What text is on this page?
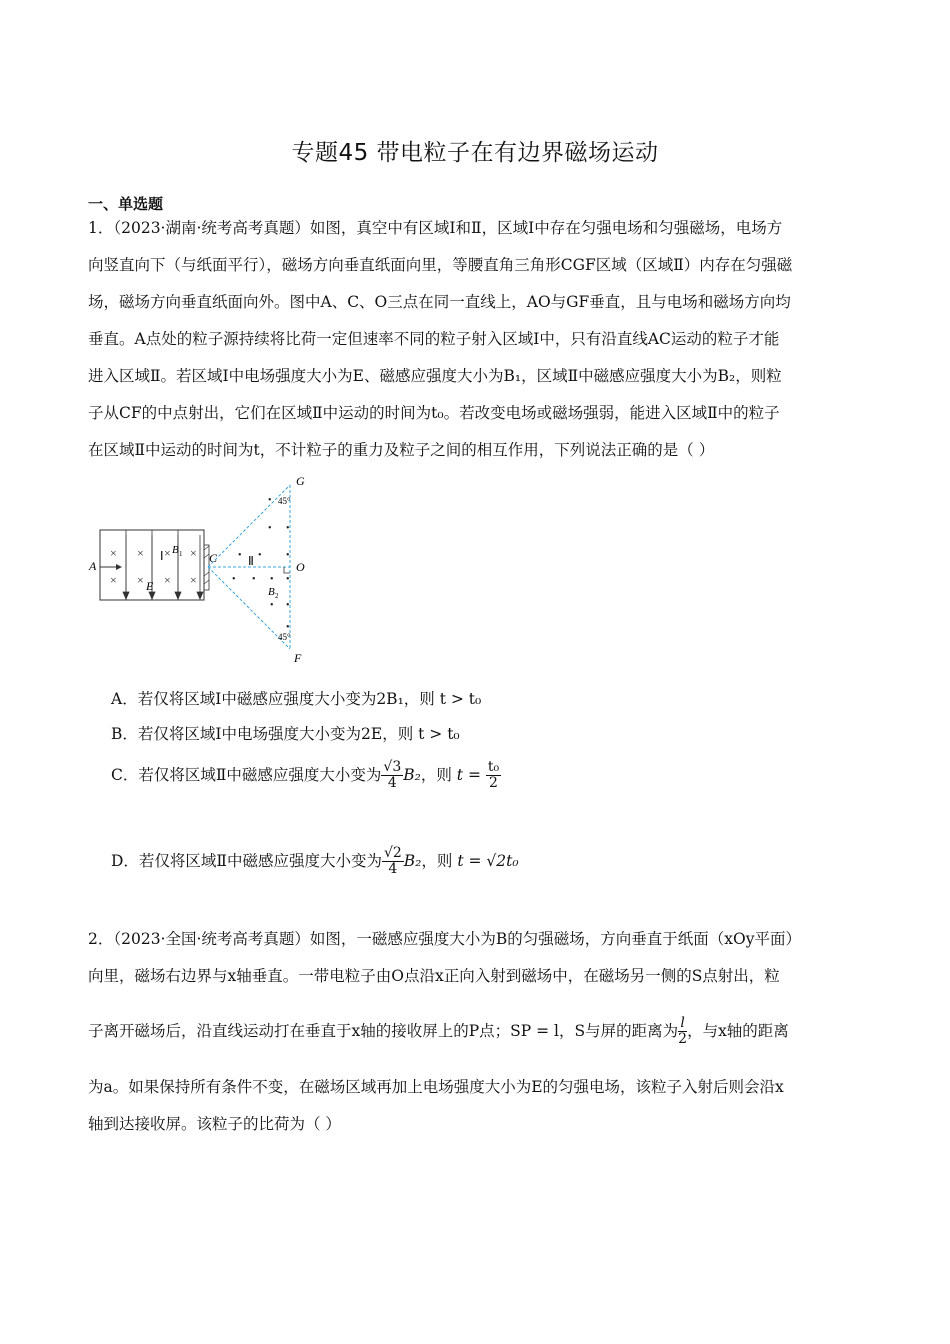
专题45 带电粒子在有边界磁场运动
一、单选题
1．（2023·湖南·统考高考真题）如图，真空中有区域Ⅰ和Ⅱ，区域Ⅰ中存在匀强电场和匀强磁场，电场方
向竖直向下（与纸面平行），磁场方向垂直纸面向里，等腰直角三角形CGF区域（区域Ⅱ）内存在匀强磁
场，磁场方向垂直纸面向外。图中A、C、O三点在同一直线上，AO与GF垂直，且与电场和磁场方向均
垂直。A点处的粒子源持续将比荷一定但速率不同的粒子射入区域Ⅰ中，只有沿直线AC运动的粒子才能
进入区域Ⅱ。若区域Ⅰ中电场强度大小为E、磁感应强度大小为B₁，区域Ⅱ中磁感应强度大小为B₂，则粒
子从CF的中点射出，它们在区域Ⅱ中运动的时间为t₀。若改变电场或磁场强弱，能进入区域Ⅱ中的粒子
在区域Ⅱ中运动的时间为t，不计粒子的重力及粒子之间的相互作用，下列说法正确的是（ ）
× × × ×
× × × ×
A
Ⅰ B 1
E
C
•
• •
• • •
• • • •
• •
•
Ⅱ
B 2
45°
45°
G
O
F
A．若仅将区域Ⅰ中磁感应强度大小变为2B₁，则 t > t₀
B．若仅将区域Ⅰ中电场强度大小变为2E，则 t > t₀
C．若仅将区域Ⅱ中磁感应强度大小变为 $\frac{√3}{4} B_2$，则 $t = \frac{\text{t₀}}{2}$
D．若仅将区域Ⅱ中磁感应强度大小变为 $\frac{√2}{4} B_2$，则 t = √2t₀
2．（2023·全国·统考高考真题）如图，一磁感应强度大小为B的匀强磁场，方向垂直于纸面（xOy平面）
向里，磁场右边界与x轴垂直。一带电粒子由O点沿x正向入射到磁场中，在磁场另一侧的S点射出，粒
子离开磁场后，沿直线运动打在垂直于x轴的接收屏上的P点；SP = l，S与屏的距离为 $\frac{l}{2}$ ，与x轴的距离
为a。如果保持所有条件不变，在磁场区域再加上电场强度大小为E的匀强电场，该粒子入射后则会沿x
轴到达接收屏。该粒子的比荷为（ ）
